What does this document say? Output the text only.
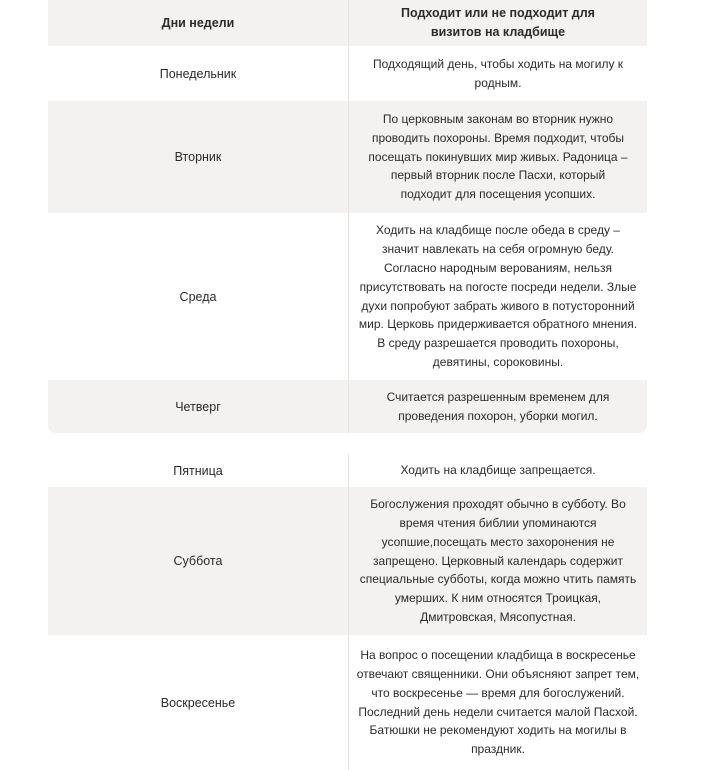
Дни недели
Подходит или не подходит для визитов на кладбище
Понедельник
Подходящий день, чтобы ходить на могилу к родным.
Вторник
По церковным законам во вторник нужно проводить похороны. Время подходит, чтобы посещать покинувших мир живых. Радоница – первый вторник после Пасхи, который подходит для посещения усопших.
Среда
Ходить на кладбище после обеда в среду – значит навлекать на себя огромную беду. Согласно народным верованиям, нельзя присутствовать на погосте посреди недели. Злые духи попробуют забрать живого в потусторонний мир. Церковь придерживается обратного мнения. В среду разрешается проводить похороны, девятины, сороковины.
Четверг
Считается разрешенным временем для проведения похорон, уборки могил.
Пятница	Ходить на кладбище запрещается.
Суббота
Богослужения проходят обычно в субботу. Во время чтения библии упоминаются усопшие,посещать место захоронения не запрещено. Церковный календарь содержит специальные субботы, когда можно чтить память умерших. К ним относятся Троицкая, Дмитровская, Мясопустная.
Воскресенье
На вопрос о посещении кладбища в воскресенье отвечают священники. Они объясняют запрет тем, что воскресенье — время для богослужений. Последний день недели считается малой Пасхой. Батюшки не рекомендуют ходить на могилы в праздник.
